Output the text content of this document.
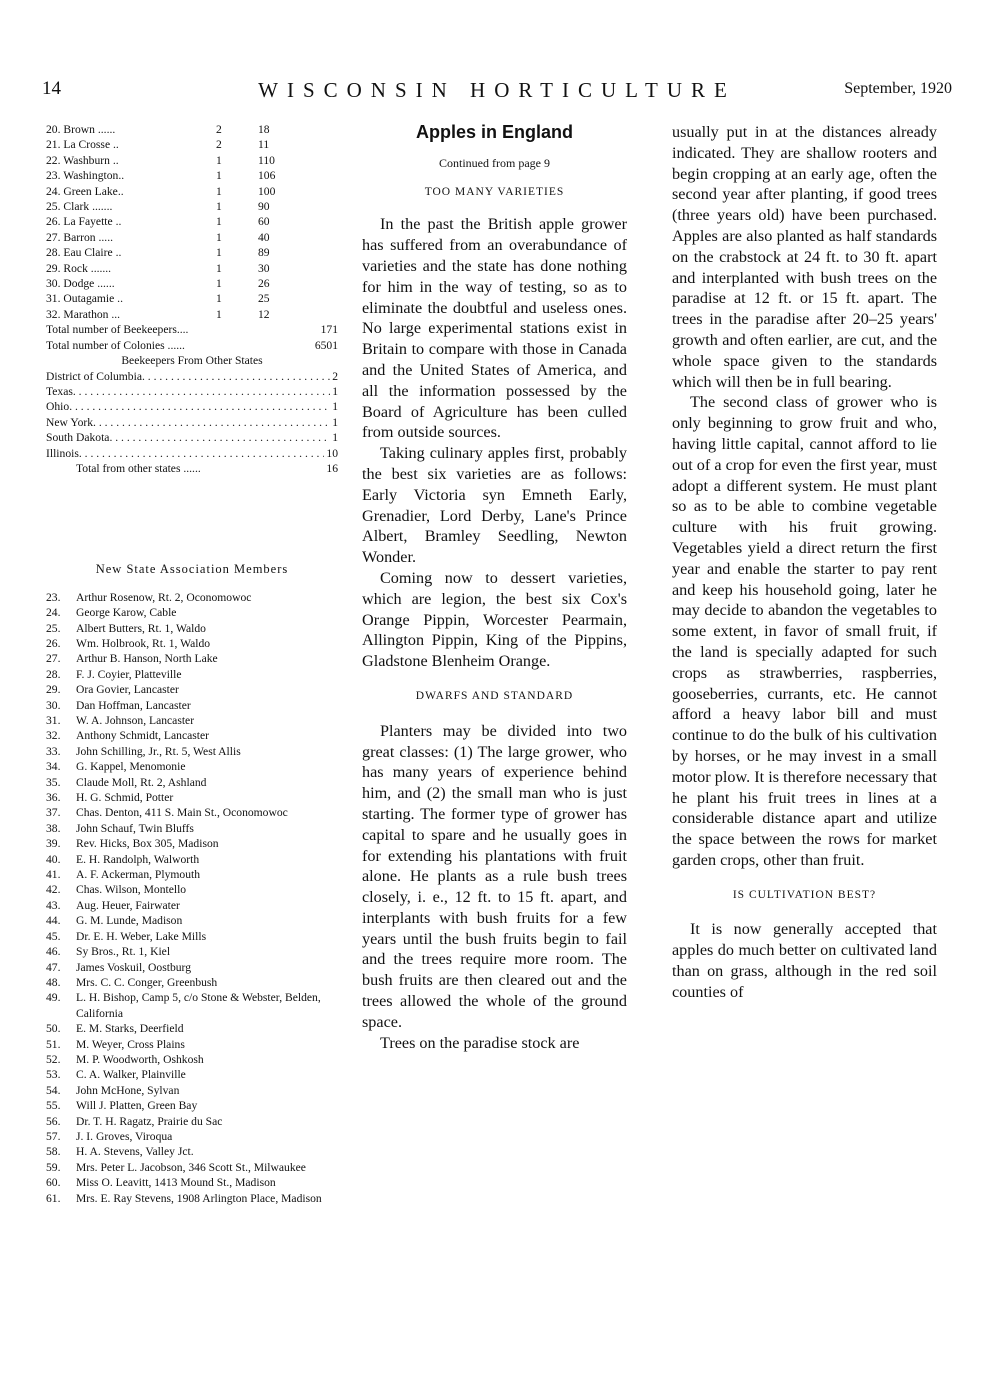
14	WISCONSIN HORTICULTURE	September, 1920
20. Brown ......	2	18
21. La Crosse ..	2	11
22. Washburn ..	1	110
23. Washington..	1	106
24. Green Lake..	1	100
25. Clark .......	1	90
26. La Fayette ..	1	60
27. Barron .....	1	40
28. Eau Claire ..	1	89
29. Rock .......	1	30
30. Dodge ......	1	26
31. Outagamie ..	1	25
32. Marathon ...	1	12
Total number of Beekeepers....	171
Total number of Colonies ......	6501
Beekeepers From Other States
District of Columbia . . .	2
Texas . . .	1
Ohio . . .	1
New York . . .	1
South Dakota . . .	1
Illinois . . .	10
Total from other states ......	16
New State Association Members
23.	Arthur Rosenow, Rt. 2, Oconomowoc
24.	George Karow, Cable
25.	Albert Butters, Rt. 1, Waldo
26.	Wm. Holbrook, Rt. 1, Waldo
27.	Arthur B. Hanson, North Lake
28.	F. J. Coyier, Platteville
29.	Ora Govier, Lancaster
30.	Dan Hoffman, Lancaster
31.	W. A. Johnson, Lancaster
32.	Anthony Schmidt, Lancaster
33.	John Schilling, Jr., Rt. 5, West Allis
34.	G. Kappel, Menomonie
35.	Claude Moll, Rt. 2, Ashland
36.	H. G. Schmid, Potter
37.	Chas. Denton, 411 S. Main St., Oconomowoc
38.	John Schauf, Twin Bluffs
39.	Rev. Hicks, Box 305, Madison
40.	E. H. Randolph, Walworth
41.	A. F. Ackerman, Plymouth
42.	Chas. Wilson, Montello
43.	Aug. Heuer, Fairwater
44.	G. M. Lunde, Madison
45.	Dr. E. H. Weber, Lake Mills
46.	Sy Bros., Rt. 1, Kiel
47.	James Voskuil, Oostburg
48.	Mrs. C. C. Conger, Greenbush
49.	L. H. Bishop, Camp 5, c/o Stone & Webster, Belden, California
50.	E. M. Starks, Deerfield
51.	M. Weyer, Cross Plains
52.	M. P. Woodworth, Oshkosh
53.	C. A. Walker, Plainville
54.	John McHone, Sylvan
55.	Will J. Platten, Green Bay
56.	Dr. T. H. Ragatz, Prairie du Sac
57.	J. I. Groves, Viroqua
58.	H. A. Stevens, Valley Jct.
59.	Mrs. Peter L. Jacobson, 346 Scott St., Milwaukee
60.	Miss O. Leavitt, 1413 Mound St., Madison
61.	Mrs. E. Ray Stevens, 1908 Arlington Place, Madison
Apples in England
Continued from page 9
TOO MANY VARIETIES

In the past the British apple grower has suffered from an overabundance of varieties and the state has done nothing for him in the way of testing, so as to eliminate the doubtful and useless ones. No large experimental stations exist in Britain to compare with those in Canada and the United States of America, and all the information possessed by the Board of Agriculture has been culled from outside sources.

Taking culinary apples first, probably the best six varieties are as follows: Early Victoria syn Emneth Early, Grenadier, Lord Derby, Lane's Prince Albert, Bramley Seedling, Newton Wonder.

Coming now to dessert varieties, which are legion, the best six Cox's Orange Pippin, Worcester Pearmain, Allington Pippin, King of the Pippins, Gladstone Blenheim Orange.

DWARFS AND STANDARD

Planters may be divided into two great classes: (1) The large grower, who has many years of experience behind him, and (2) the small man who is just starting. The former type of grower has capital to spare and he usually goes in for extending his plantations with fruit alone. He plants as a rule bush trees closely, i. e., 12 ft. to 15 ft. apart, and interplants with bush fruits for a few years until the bush fruits begin to fail and the trees require more room. The bush fruits are then cleared out and the trees allowed the whole of the ground space.

Trees on the paradise stock are

usually put in at the distances already indicated. They are shallow rooters and begin cropping at an early age, often the second year after planting, if good trees (three years old) have been purchased. Apples are also planted as half standards on the crabstock at 24 ft. to 30 ft. apart and interplanted with bush trees on the paradise at 12 ft. or 15 ft. apart. The trees in the paradise after 20–25 years' growth and often earlier, are cut, and the whole space given to the standards which will then be in full bearing.

The second class of grower who is only beginning to grow fruit and who, having little capital, cannot afford to lie out of a crop for even the first year, must adopt a different system. He must plant so as to be able to combine vegetable culture with his fruit growing. Vegetables yield a direct return the first year and enable the starter to pay rent and keep his household going, later he may decide to abandon the vegetables to some extent, in favor of small fruit, if the land is specially adapted for such crops as strawberries, raspberries, gooseberries, currants, etc. He cannot afford a heavy labor bill and must continue to do the bulk of his cultivation by horses, or he may invest in a small motor plow. It is therefore necessary that he plant his fruit trees in lines at a considerable distance apart and utilize the space between the rows for market garden crops, other than fruit.

IS CULTIVATION BEST?

It is now generally accepted that apples do much better on cultivated land than on grass, although in the red soil counties of
